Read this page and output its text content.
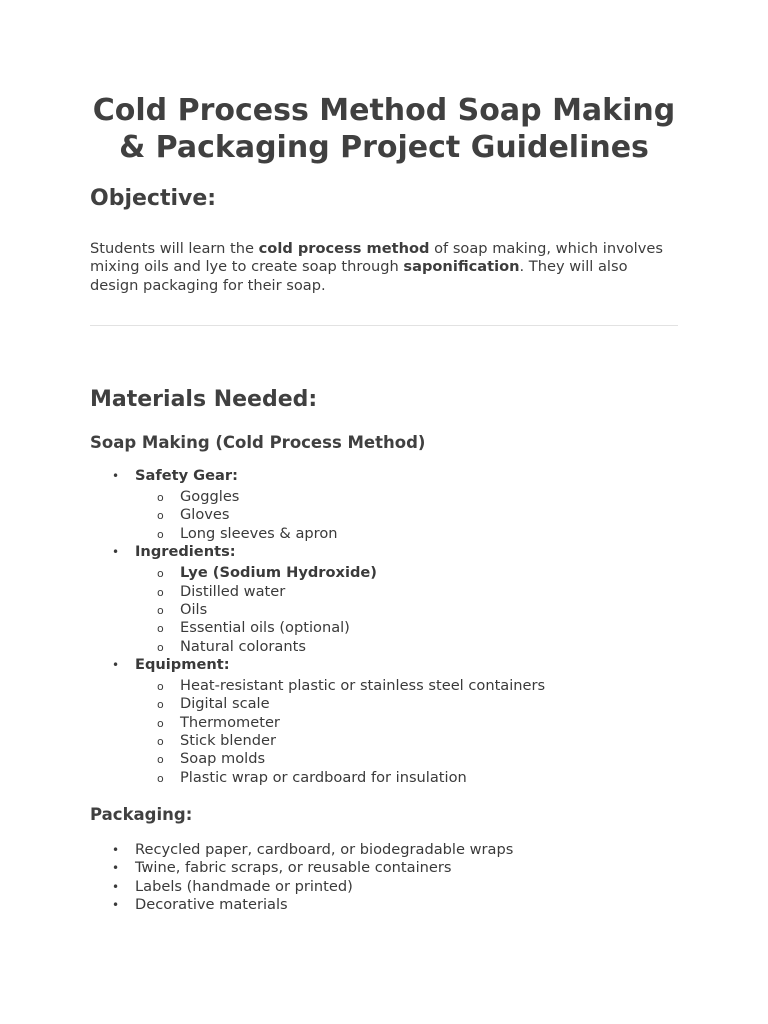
Cold Process Method Soap Making & Packaging Project Guidelines
Objective:

Students will learn the cold process method of soap making, which involves mixing oils and lye to create soap through saponification. They will also design packaging for their soap.

Materials Needed:
Soap Making (Cold Process Method)
• Safety Gear:
o Goggles
o Gloves
o Long sleeves & apron
• Ingredients:
o Lye (Sodium Hydroxide)
o Distilled water
o Oils
o Essential oils (optional)
o Natural colorants
• Equipment:
o Heat-resistant plastic or stainless steel containers
o Digital scale
o Thermometer
o Stick blender
o Soap molds
o Plastic wrap or cardboard for insulation
Packaging:
• Recycled paper, cardboard, or biodegradable wraps
• Twine, fabric scraps, or reusable containers
• Labels (handmade or printed)
• Decorative materials
